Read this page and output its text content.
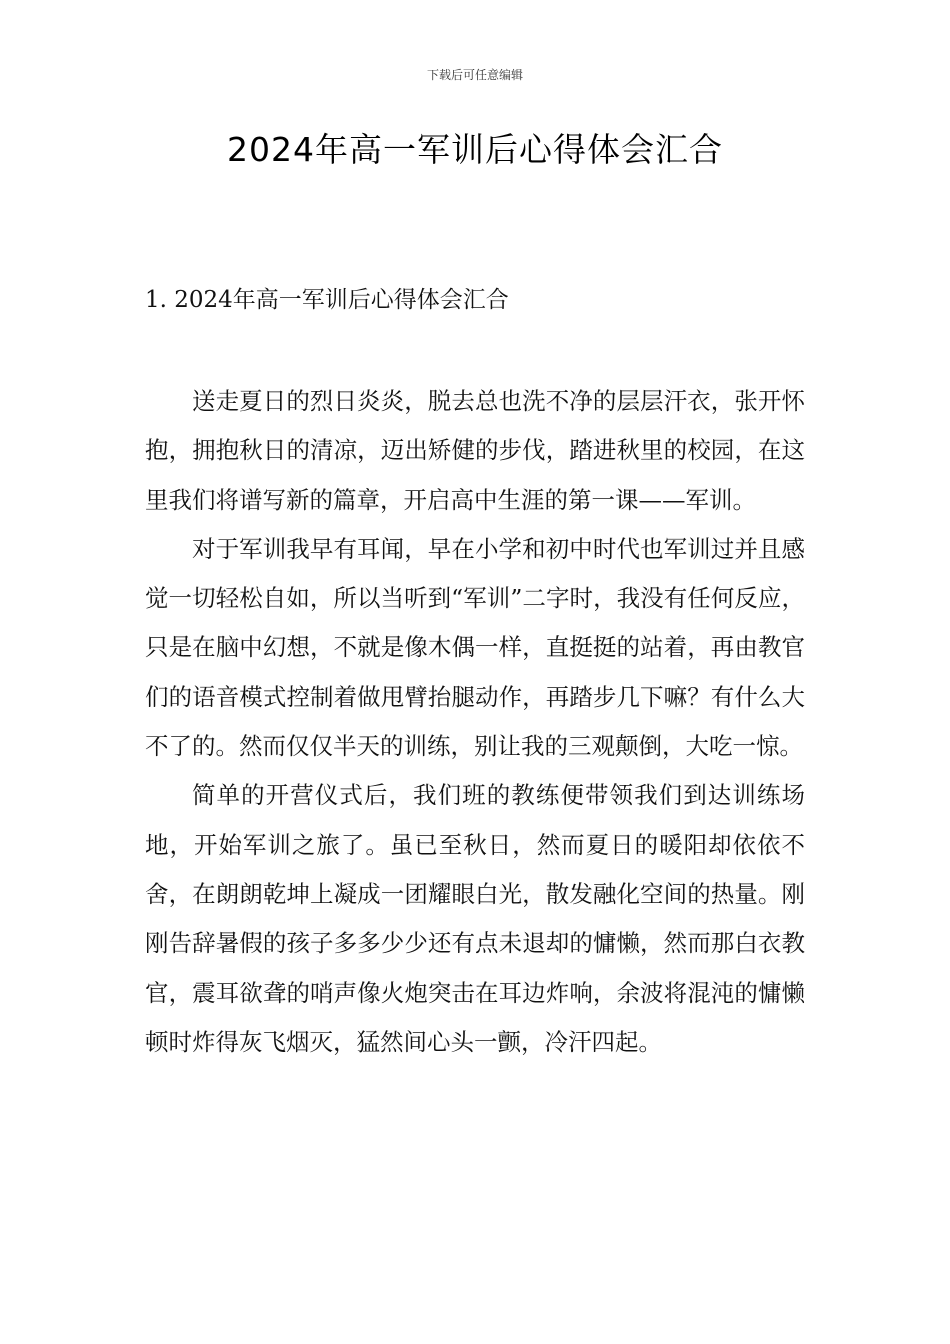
下载后可任意编辑
2024年高一军训后心得体会汇合
1. 2024年高一军训后心得体会汇合

送走夏日的烈日炎炎，脱去总也洗不净的层层汗衣，张开怀抱，拥抱秋日的清凉，迈出矫健的步伐，踏进秋里的校园，在这里我们将谱写新的篇章，开启高中生涯的第一课——军训。

对于军训我早有耳闻，早在小学和初中时代也军训过并且感觉一切轻松自如，所以当听到“军训”二字时，我没有任何反应，只是在脑中幻想，不就是像木偶一样，直挺挺的站着，再由教官们的语音模式控制着做甩臂抬腿动作，再踏步几下嘛？有什么大不了的。然而仅仅半天的训练，别让我的三观颠倒，大吃一惊。

简单的开营仪式后，我们班的教练便带领我们到达训练场地，开始军训之旅了。虽已至秋日，然而夏日的暖阳却依依不舍，在朗朗乾坤上凝成一团耀眼白光，散发融化空间的热量。刚刚告辞暑假的孩子多多少少还有点未退却的慵懒，然而那白衣教官，震耳欲聋的哨声像火炮突击在耳边炸响，余波将混沌的慵懒顿时炸得灰飞烟灭，猛然间心头一颤，冷汗四起。
